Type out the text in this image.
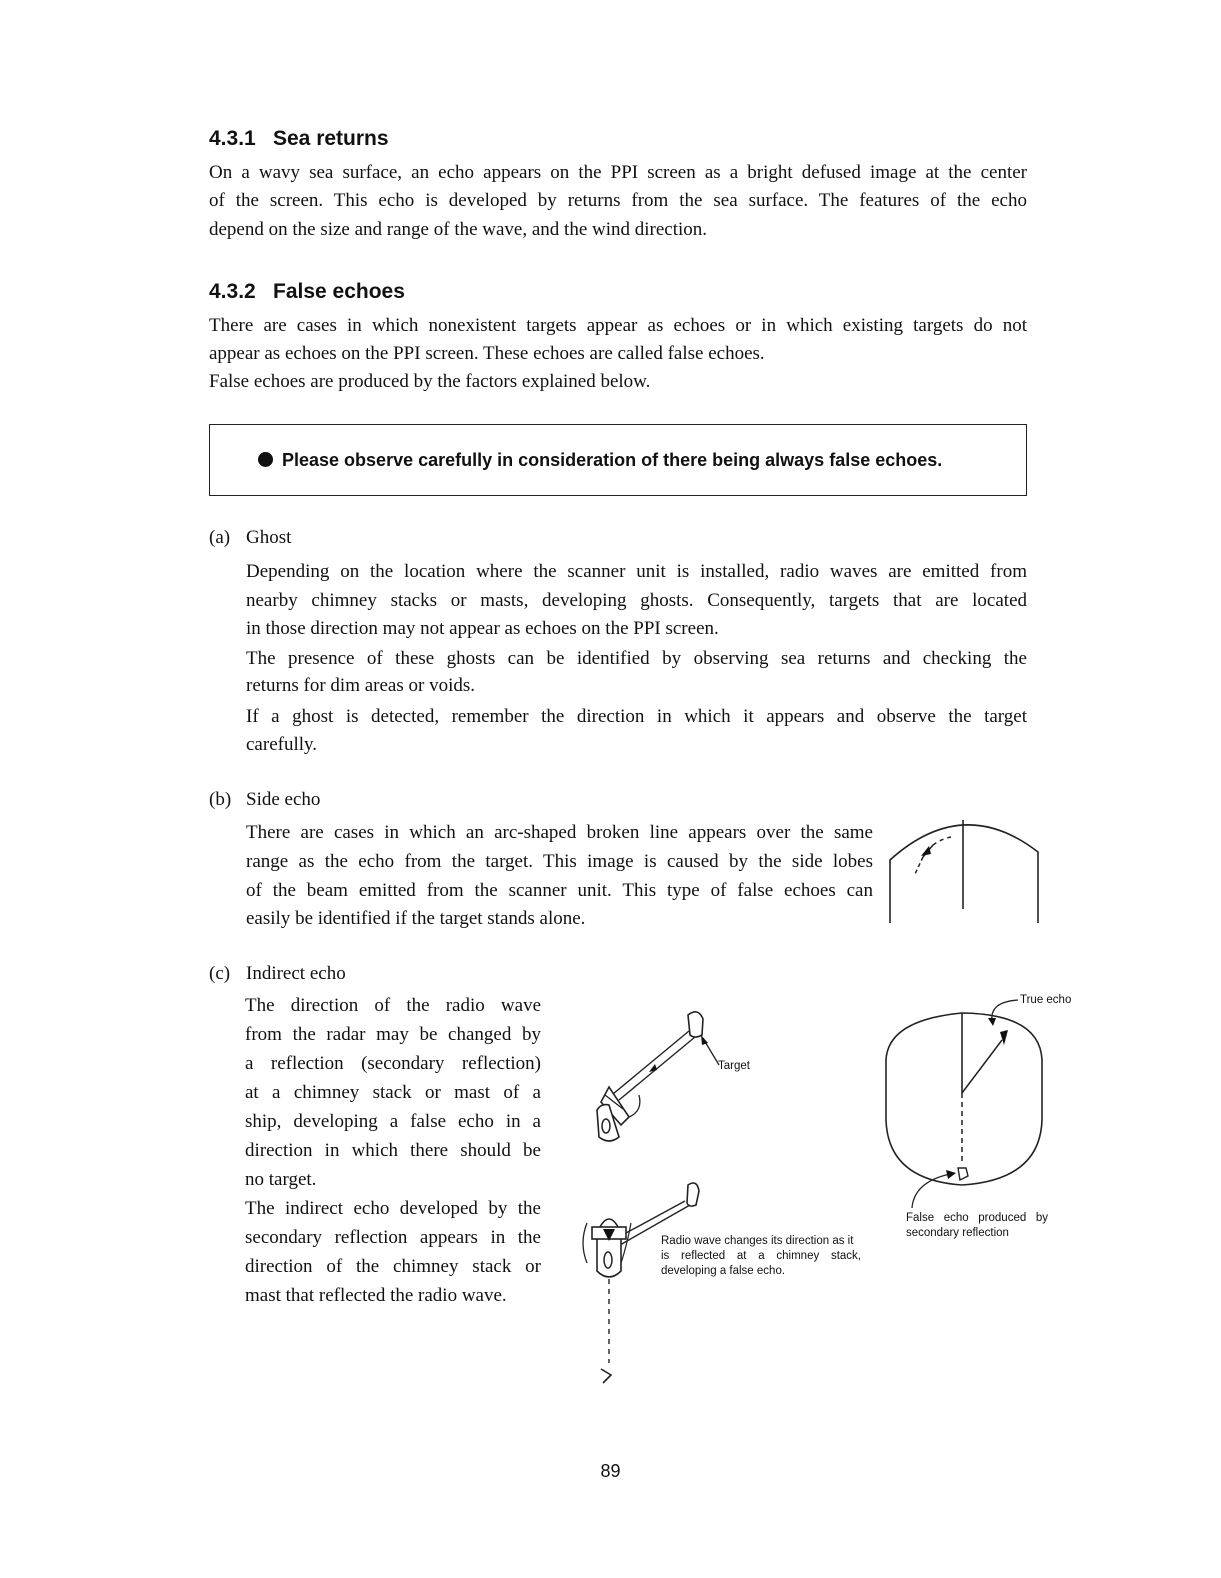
4.3.1 Sea returns
On a wavy sea surface, an echo appears on the PPI screen as a bright defused image at the center
of the screen. This echo is developed by returns from the sea surface. The features of the echo
depend on the size and range of the wave, and the wind direction.
4.3.2 False echoes
There are cases in which nonexistent targets appear as echoes or in which existing targets do not
appear as echoes on the PPI screen. These echoes are called false echoes.
False echoes are produced by the factors explained below.
Please observe carefully in consideration of there being always false echoes.
(a) Ghost
Depending on the location where the scanner unit is installed, radio waves are emitted from
nearby chimney stacks or masts, developing ghosts. Consequently, targets that are located
in those direction may not appear as echoes on the PPI screen.
The presence of these ghosts can be identified by observing sea returns and checking the
returns for dim areas or voids.
If a ghost is detected, remember the direction in which it appears and observe the target
carefully.
(b) Side echo
There are cases in which an arc-shaped broken line appears over the same
range as the echo from the target. This image is caused by the side lobes
of the beam emitted from the scanner unit. This type of false echoes can
easily be identified if the target stands alone.
(c) Indirect echo
The direction of the radio wave
from the radar may be changed by
a reflection (secondary reflection)
at a chimney stack or mast of a
ship, developing a false echo in a
direction in which there should be
no target.
The indirect echo developed by the
secondary reflection appears in the
direction of the chimney stack or
mast that reflected the radio wave.
Target
Radio wave changes its direction as it
is reflected at a chimney stack,
developing a false echo.
True echo
False echo produced by
secondary reflection
89
